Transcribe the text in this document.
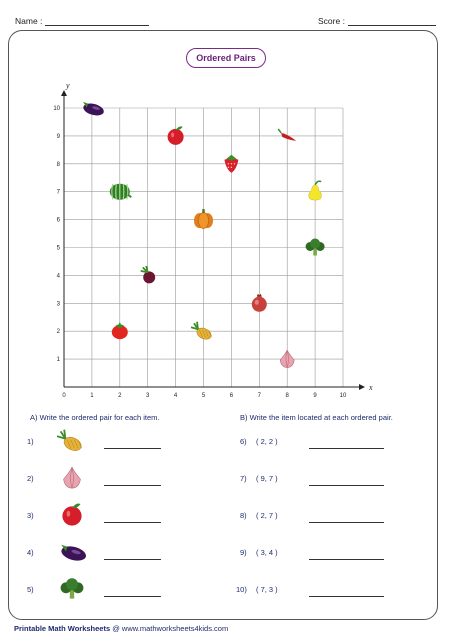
Name :	Score :
Ordered Pairs
0	1	2	3	4	5	6	7	8	9	10
1
2
3
4
5
6
7
8
9
10
x
y
A) Write the ordered pair for each item.
1)
2)
3)
4)
5)
B) Write the item located at each ordered pair.
6) ( 2, 2 )
7) ( 9, 7 )
8) ( 2, 7 )
9) ( 3, 4 )
10) ( 7, 3 )
Printable Math Worksheets @ www.mathworksheets4kids.com
